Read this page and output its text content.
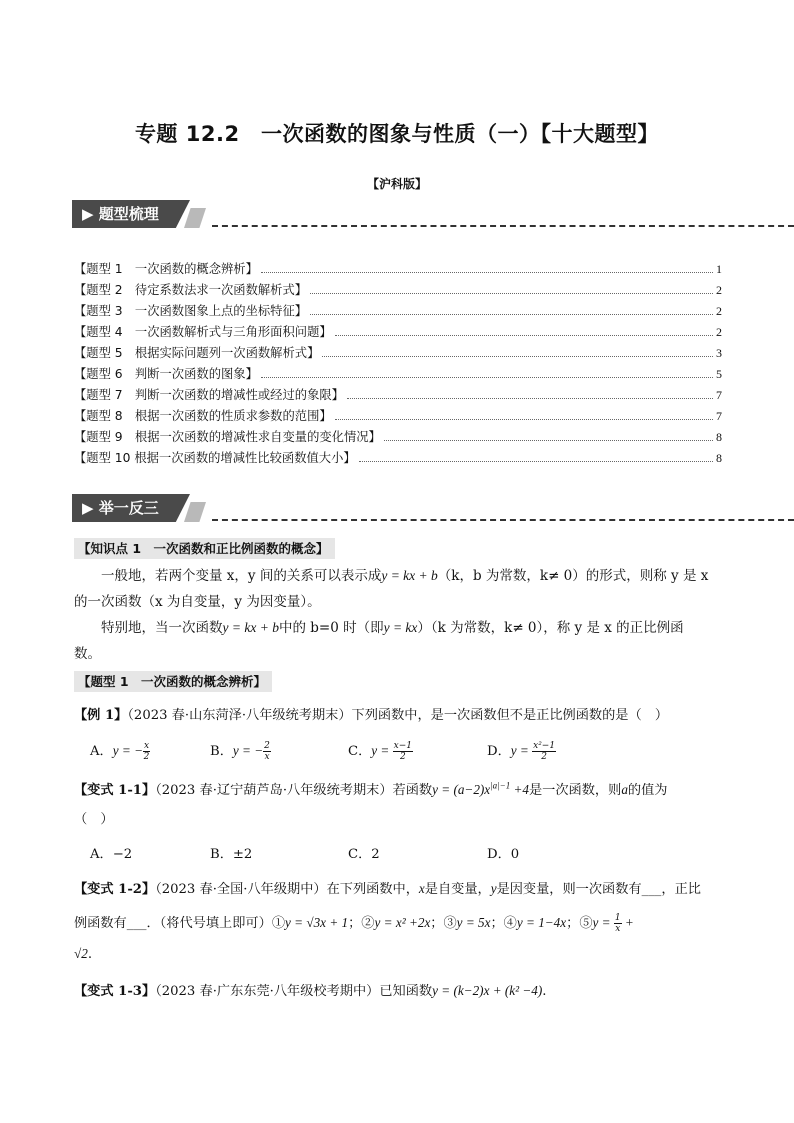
专题 12.2　一次函数的图象与性质（一）【十大题型】
【沪科版】
▶ 题型梳理
【题型 1　一次函数的概念辨析】	1
【题型 2　待定系数法求一次函数解析式】	2
【题型 3　一次函数图象上点的坐标特征】	2
【题型 4　一次函数解析式与三角形面积问题】	2
【题型 5　根据实际问题列一次函数解析式】	3
【题型 6　判断一次函数的图象】	5
【题型 7　判断一次函数的增减性或经过的象限】	7
【题型 8　根据一次函数的性质求参数的范围】	7
【题型 9　根据一次函数的增减性求自变量的变化情况】	8
【题型 10 根据一次函数的增减性比较函数值大小】	8
▶ 举一反三
【知识点 1　一次函数和正比例函数的概念】
一般地，若两个变量 x，y 间的关系可以表示成y = kx + b（k，b 为常数，k≠ 0）的形式，则称 y 是 x
的一次函数（x 为自变量，y 为因变量）。
特别地，当一次函数y = kx + b中的 b=0 时（即y = kx）（k 为常数，k≠ 0），称 y 是 x 的正比例函
数。
【题型 1　一次函数的概念辨析】
【例 1】（2023 春·山东菏泽·八年级统考期末）下列函数中，是一次函数但不是正比例函数的是（　）
A．y = − $\frac{x}{2}$	B．y = − $\frac{2}{x}$	C．$y = \frac{x-1}{2}$	D．$y = \frac{\text{x²−1}}{2}$
【变式 1-1】（2023 春·辽宁葫芦岛·八年级统考期末）若函数$y = (a-2)x^{|a|-1} +4$是一次函数，则a的值为
（　）
A．−2	B．±2	C．2	D．0
【变式 1-2】（2023 春·全国·八年级期中）在下列函数中，x是自变量，y是因变量，则一次函数有___，正比
例函数有___．（将代号填上即可）①y = √3x + 1；②y = x² +2x；③y = 5x；④y = 1−4x；⑤y = $\frac{1}{x}$ +
√2.
【变式 1-3】（2023 春·广东东莞·八年级校考期中）已知函数y = (k−2)x + (k² −4).
